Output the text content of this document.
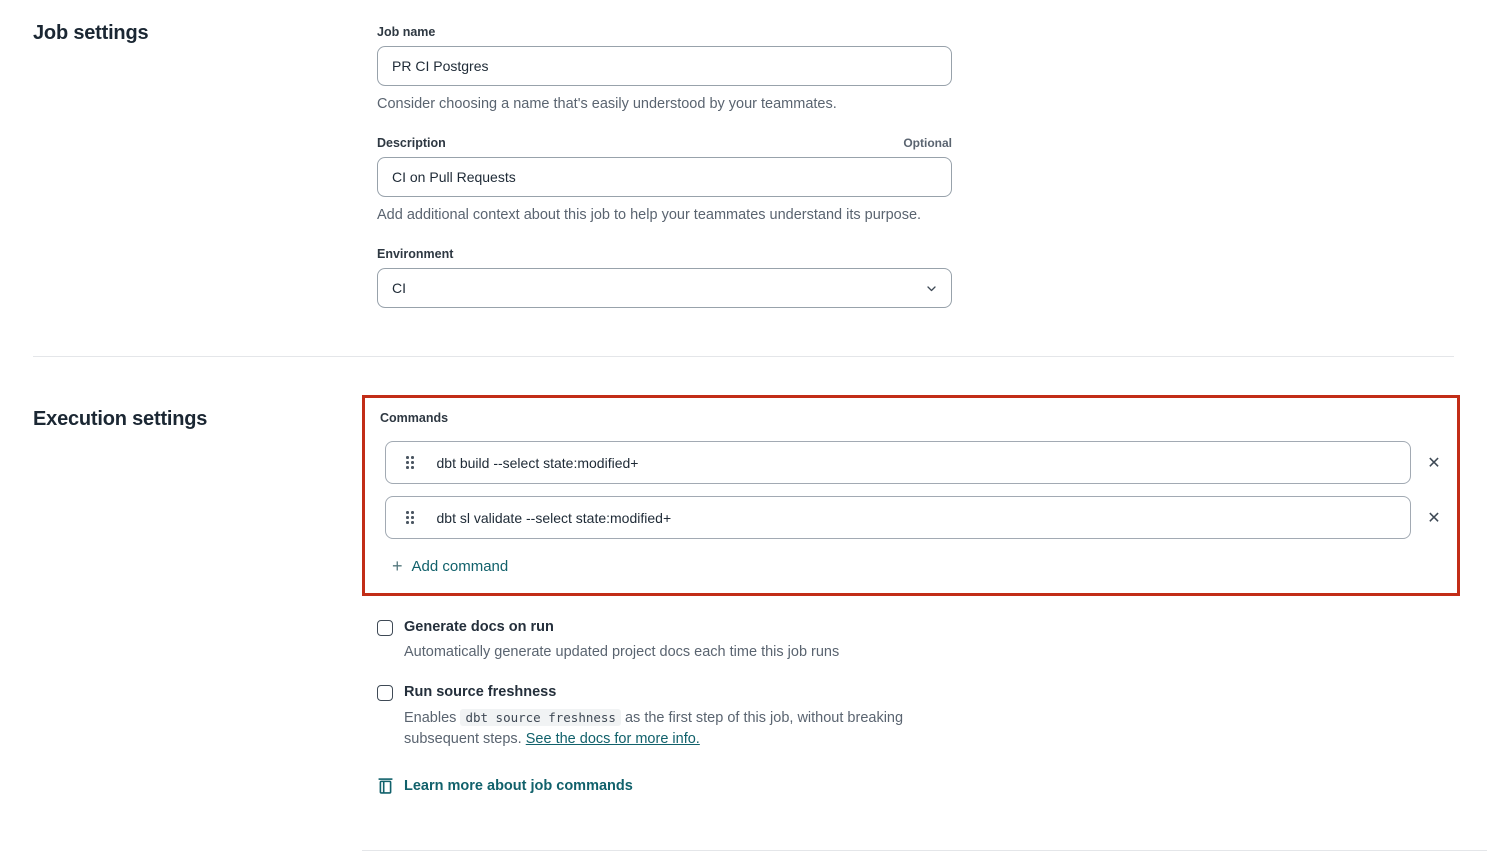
Job settings	Job name
PR CI Postgres
Consider choosing a name that's easily understood by your teammates.
Description	Optional
CI on Pull Requests
Add additional context about this job to help your teammates understand its purpose.
Environment
CI
Execution settings	Commands
dbt build --select state:modified+	✕
dbt sl validate --select state:modified+	✕
+ Add command
Generate docs on run
Automatically generate updated project docs each time this job runs
Run source freshness
Enables dbt source freshness as the first step of this job, without breaking subsequent steps. See the docs for more info.
Learn more about job commands
